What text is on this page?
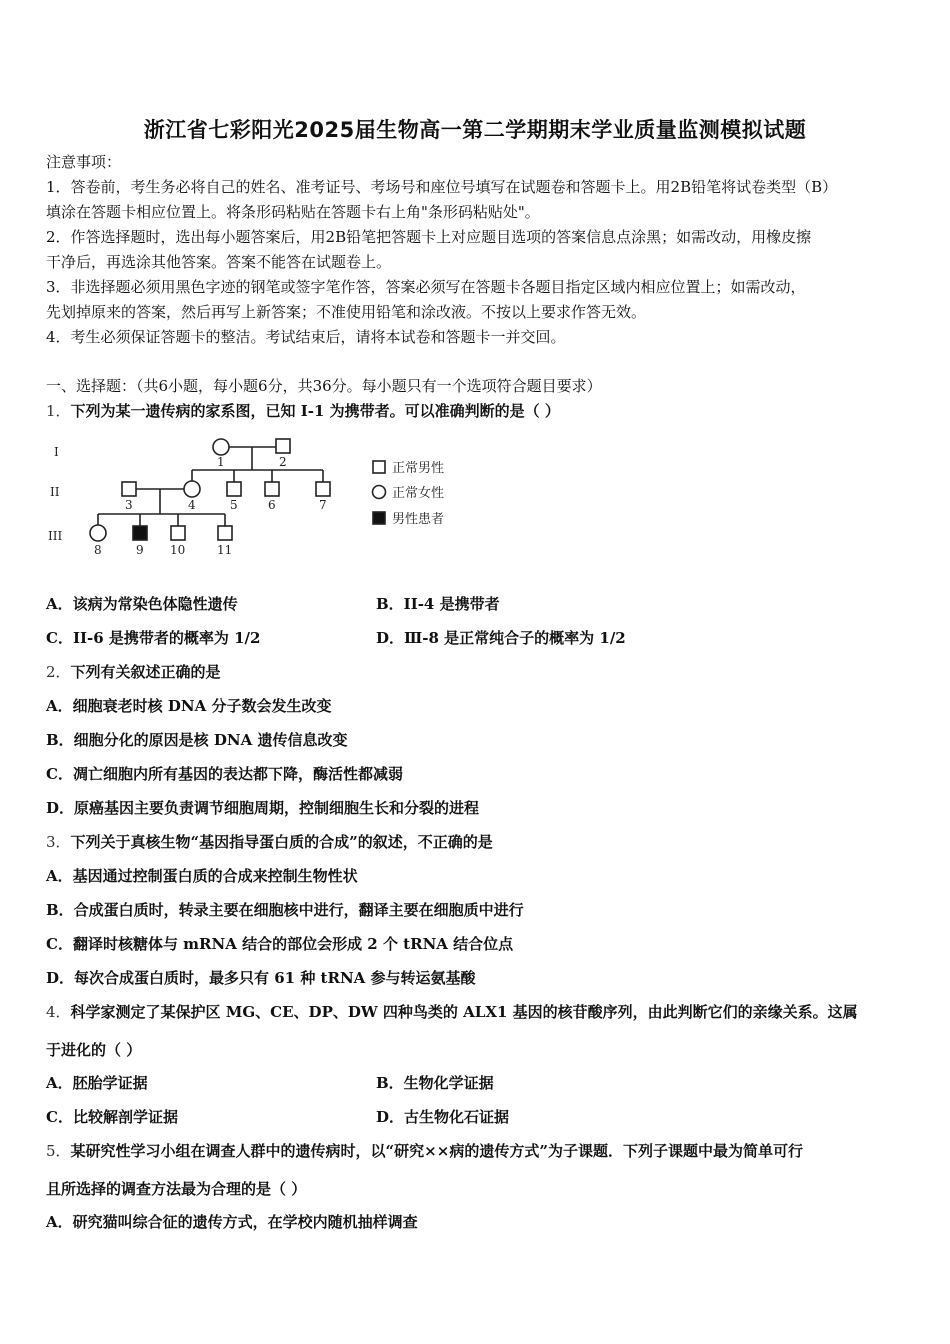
浙江省七彩阳光2025届生物高一第二学期期末学业质量监测模拟试题
注意事项：
1．答卷前，考生务必将自己的姓名、准考证号、考场号和座位号填写在试题卷和答题卡上。用2B铅笔将试卷类型（B）
填涂在答题卡相应位置上。将条形码粘贴在答题卡右上角"条形码粘贴处"。
2．作答选择题时，选出每小题答案后，用2B铅笔把答题卡上对应题目选项的答案信息点涂黑；如需改动，用橡皮擦
干净后，再选涂其他答案。答案不能答在试题卷上。
3．非选择题必须用黑色字迹的钢笔或签字笔作答，答案必须写在答题卡各题目指定区域内相应位置上；如需改动，
先划掉原来的答案，然后再写上新答案；不准使用铅笔和涂改液。不按以上要求作答无效。
4．考生必须保证答题卡的整洁。考试结束后，请将本试卷和答题卡一并交回。
一、选择题：（共6小题，每小题6分，共36分。每小题只有一个选项符合题目要求）
1．下列为某一遗传病的家系图，已知 I-1 为携带者。可以准确判断的是（ ）
I
II
III
1	2
3	4	5	6	7
8	9 10	11
正常男性
正常女性
男性患者
A．该病为常染色体隐性遗传	B．II-4 是携带者
C．II-6 是携带者的概率为 1/2	D．Ⅲ-8 是正常纯合子的概率为 1/2
2．下列有关叙述正确的是
A．细胞衰老时核 DNA 分子数会发生改变
B．细胞分化的原因是核 DNA 遗传信息改变
C．凋亡细胞内所有基因的表达都下降，酶活性都减弱
D．原癌基因主要负责调节细胞周期，控制细胞生长和分裂的进程
3．下列关于真核生物“基因指导蛋白质的合成”的叙述，不正确的是
A．基因通过控制蛋白质的合成来控制生物性状
B．合成蛋白质时，转录主要在细胞核中进行，翻译主要在细胞质中进行
C．翻译时核糖体与 mRNA 结合的部位会形成 2 个 tRNA 结合位点
D．每次合成蛋白质时，最多只有 61 种 tRNA 参与转运氨基酸
4．科学家测定了某保护区 MG、CE、DP、DW 四种鸟类的 ALX1 基因的核苷酸序列，由此判断它们的亲缘关系。这属
于进化的（ ）
A．胚胎学证据	B．生物化学证据
C．比较解剖学证据	D．古生物化石证据
5．某研究性学习小组在调查人群中的遗传病时，以“研究××病的遗传方式”为子课题．下列子课题中最为简单可行
且所选择的调查方法最为合理的是（ ）
A．研究猫叫综合征的遗传方式，在学校内随机抽样调查
